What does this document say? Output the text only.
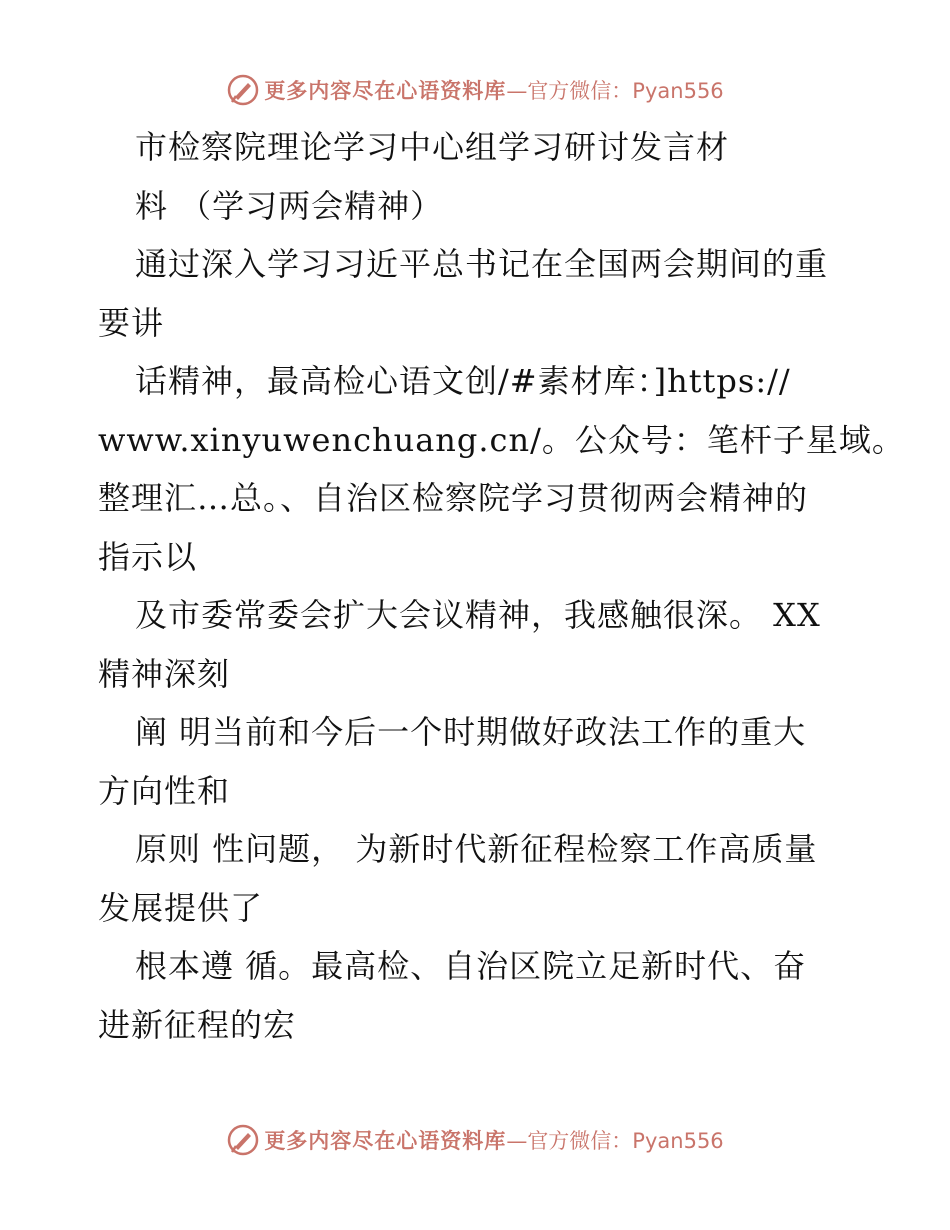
更多内容尽在心语资料库 —官方微信：Pyan556
市检察院理论学习中心组学习研讨发言材
料 （学习两会精神）
通过深入学习习近平总书记在全国两会期间的重
要讲
话精神，最高检心语文创/#素材库：]https://
www.xinyuwenchuang.cn/。公众号：笔杆子星域。
整理汇…总。、自治区检察院学习贯彻两会精神的
指示以
及市委常委会扩大会议精神，我感触很深。 XX
精神深刻
阐 明当前和今后一个时期做好政法工作的重大
方向性和
原则 性问题， 为新时代新征程检察工作高质量
发展提供了
根本遵 循。最高检、自治区院立足新时代、奋
进新征程的宏
更多内容尽在心语资料库 —官方微信：Pyan556
